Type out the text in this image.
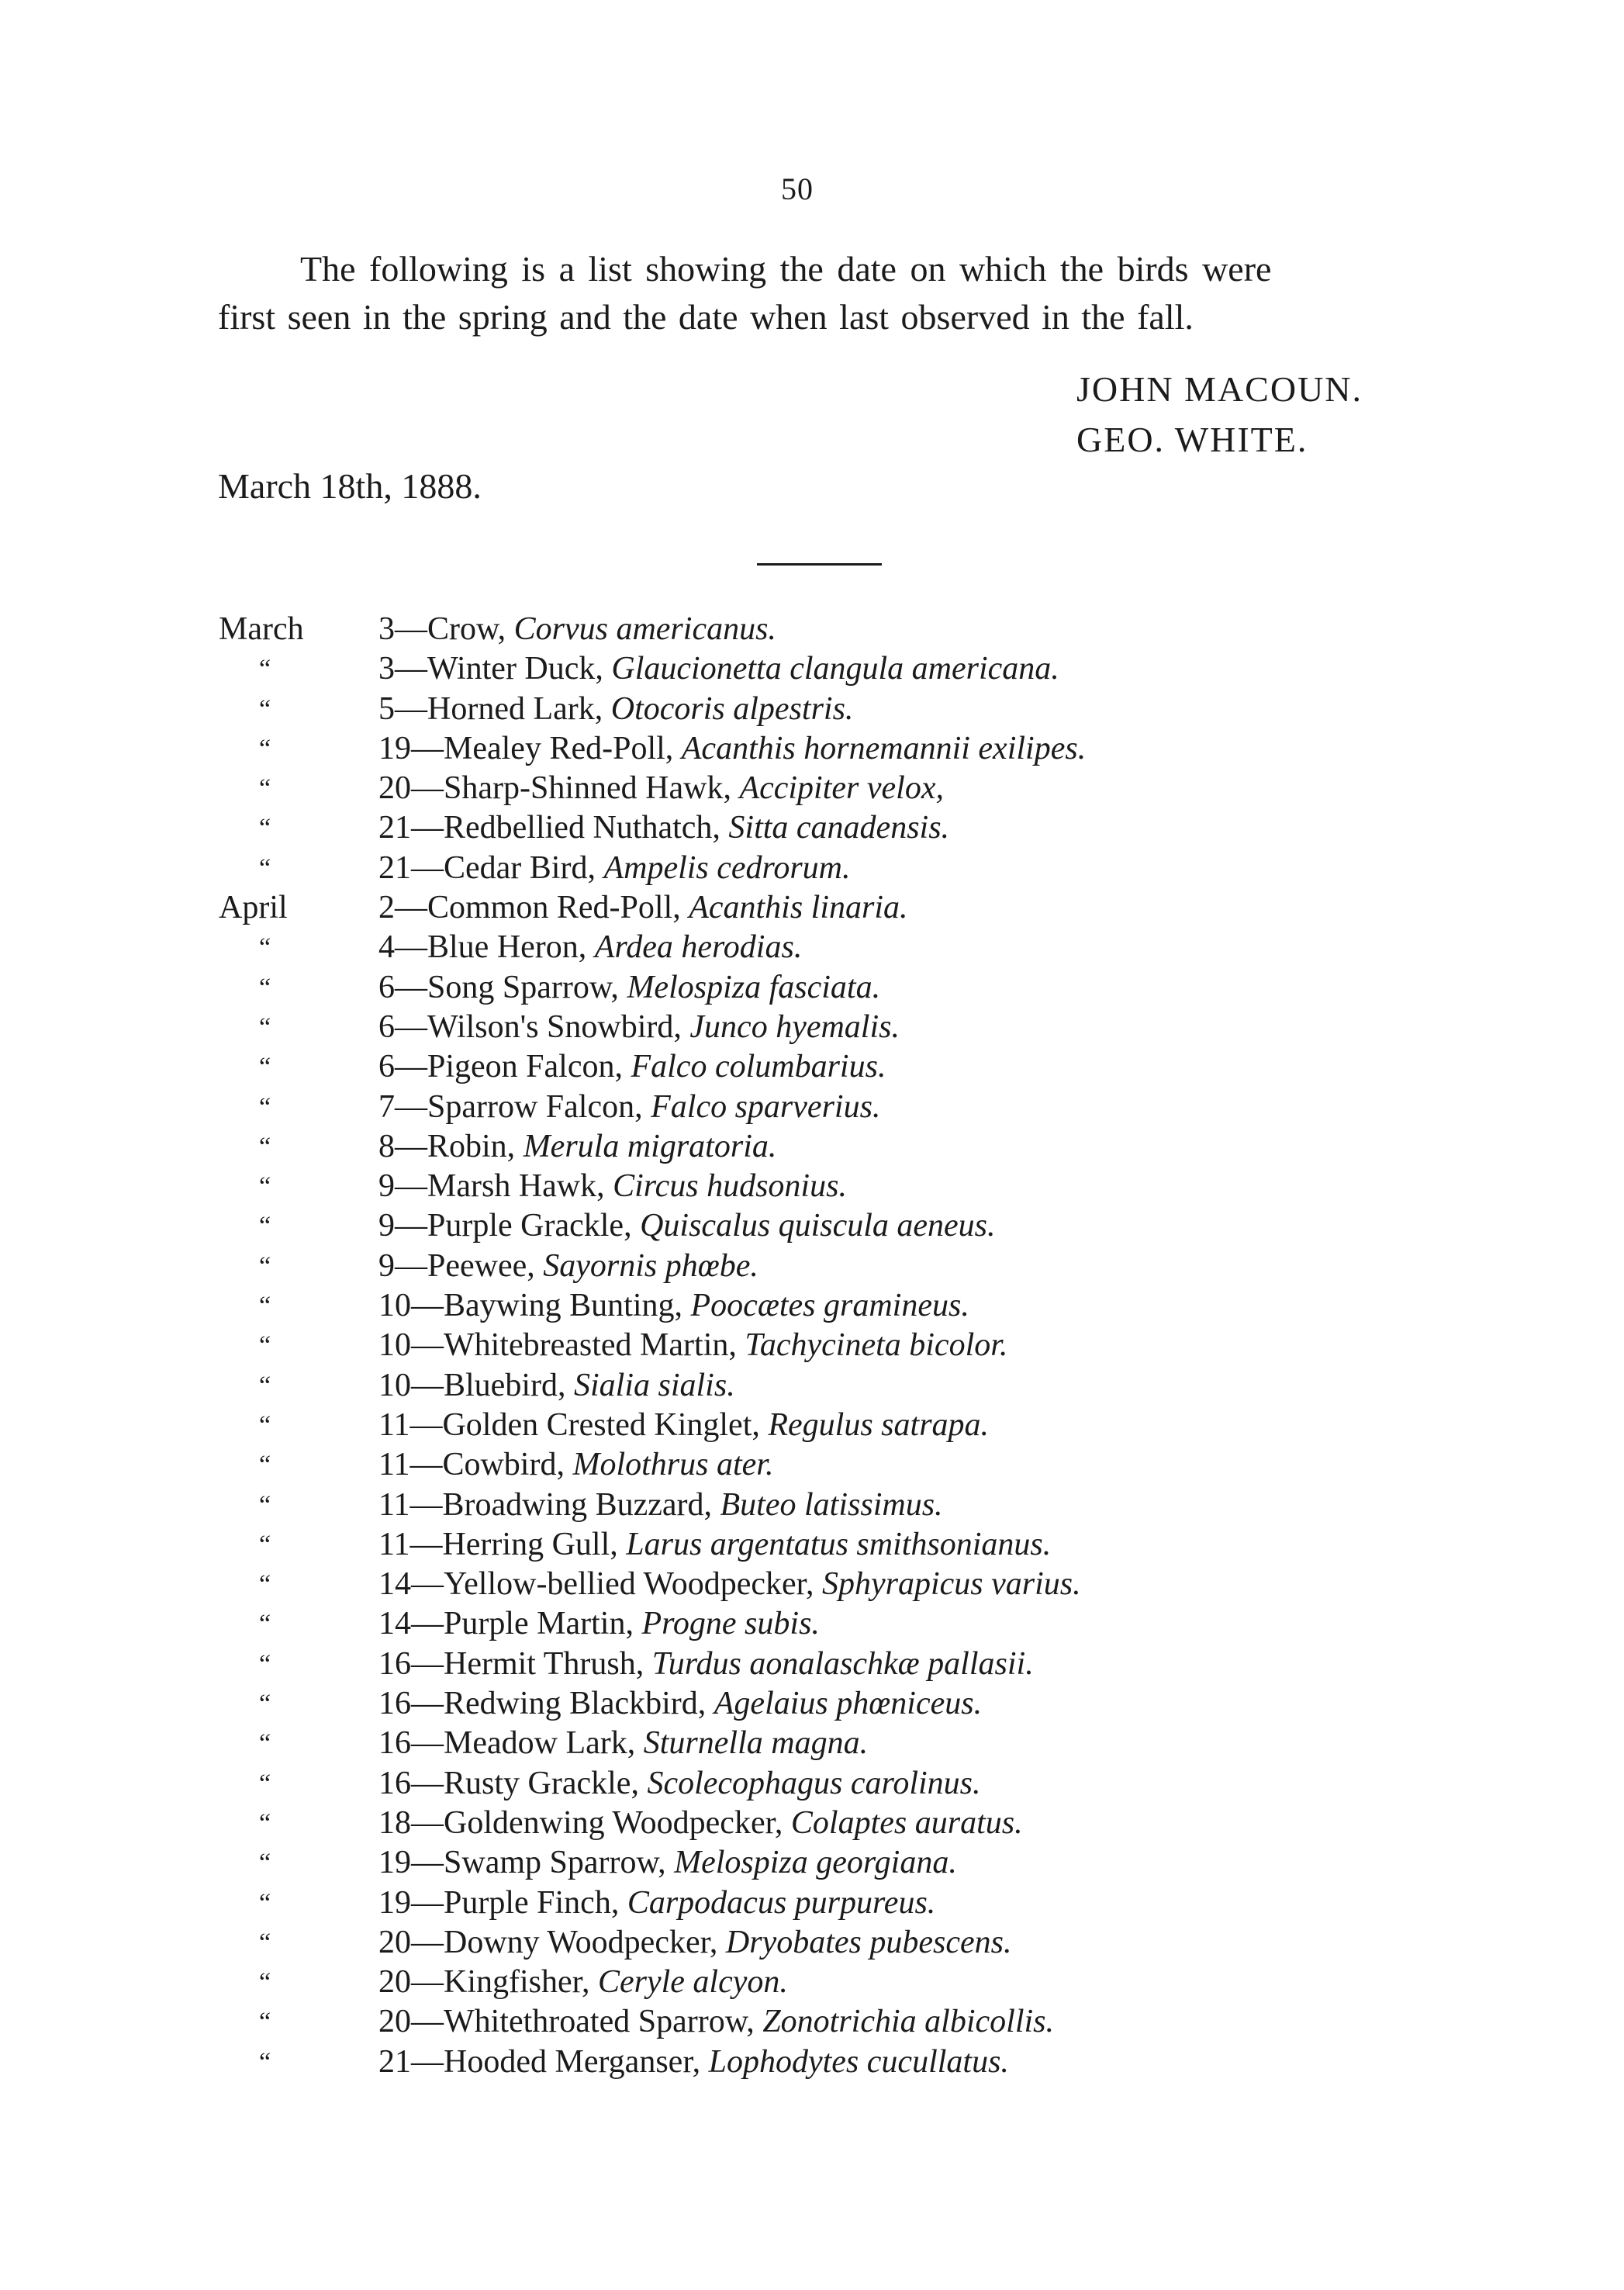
50
The following is a list showing the date on which the birds were
first seen in the spring and the date when last observed in the fall.
JOHN MACOUN.
GEO. WHITE.
March 18th, 1888.
March 3—Crow, Corvus americanus.
“	3—Winter Duck, Glaucionetta clangula americana.
“	5—Horned Lark, Otocoris alpestris.
“	19—Mealey Red-Poll, Acanthis hornemannii exilipes.
“	20—Sharp-Shinned Hawk, Accipiter velox,
“	21—Redbellied Nuthatch, Sitta canadensis.
“	21—Cedar Bird, Ampelis cedrorum.
April	2—Common Red-Poll, Acanthis linaria.
“	4—Blue Heron, Ardea herodias.
“	6—Song Sparrow, Melospiza fasciata.
“	6—Wilson's Snowbird, Junco hyemalis.
“	6—Pigeon Falcon, Falco columbarius.
“	7—Sparrow Falcon, Falco sparverius.
“	8—Robin, Merula migratoria.
“	9—Marsh Hawk, Circus hudsonius.
“	9—Purple Grackle, Quiscalus quiscula aeneus.
“	9—Peewee, Sayornis phœbe.
“	10—Baywing Bunting, Poocætes gramineus.
“	10—Whitebreasted Martin, Tachycineta bicolor.
“	10—Bluebird, Sialia sialis.
“	11—Golden Crested Kinglet, Regulus satrapa.
“	11—Cowbird, Molothrus ater.
“	11—Broadwing Buzzard, Buteo latissimus.
“	11—Herring Gull, Larus argentatus smithsonianus.
“	14—Yellow-bellied Woodpecker, Sphyrapicus varius.
“	14—Purple Martin, Progne subis.
“	16—Hermit Thrush, Turdus aonalaschkæ pallasii.
“	16—Redwing Blackbird, Agelaius phœniceus.
“	16—Meadow Lark, Sturnella magna.
“	16—Rusty Grackle, Scolecophagus carolinus.
“	18—Goldenwing Woodpecker, Colaptes auratus.
“	19—Swamp Sparrow, Melospiza georgiana.
“	19—Purple Finch, Carpodacus purpureus.
“	20—Downy Woodpecker, Dryobates pubescens.
“	20—Kingfisher, Ceryle alcyon.
“	20—Whitethroated Sparrow, Zonotrichia albicollis.
“	21—Hooded Merganser, Lophodytes cucullatus.
